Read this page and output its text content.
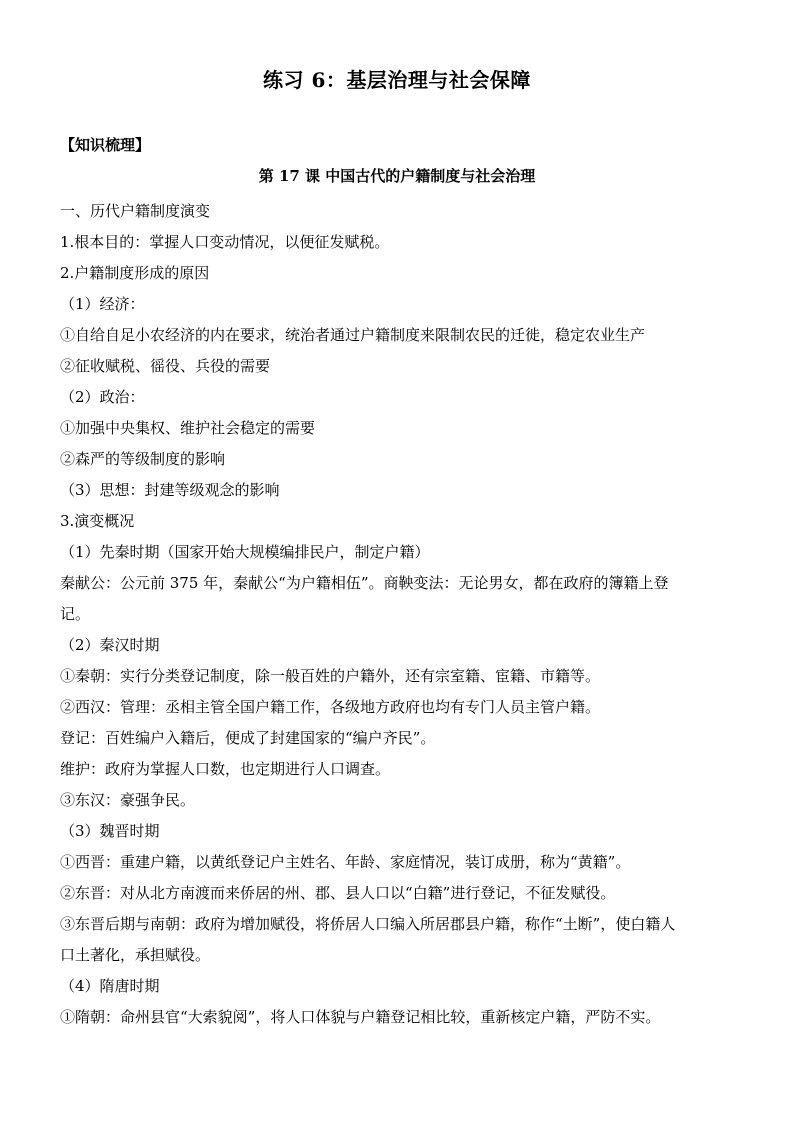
练习 6：基层治理与社会保障
【知识梳理】
第 17 课 中国古代的户籍制度与社会治理
一、历代户籍制度演变
1.根本目的：掌握人口变动情况，以便征发赋税。
2.户籍制度形成的原因
（1）经济：
①自给自足小农经济的内在要求，统治者通过户籍制度来限制农民的迁徙，稳定农业生产
②征收赋税、徭役、兵役的需要
（2）政治：
①加强中央集权、维护社会稳定的需要
②森严的等级制度的影响
（3）思想：封建等级观念的影响
3.演变概况
（1）先秦时期（国家开始大规模编排民户，制定户籍）
秦献公：公元前 375 年，秦献公“为户籍相伍”。商鞅变法：无论男女，都在政府的簿籍上登
记。
（2）秦汉时期
①秦朝：实行分类登记制度，除一般百姓的户籍外，还有宗室籍、宦籍、市籍等。
②西汉：管理：丞相主管全国户籍工作，各级地方政府也均有专门人员主管户籍。
登记：百姓编户入籍后，便成了封建国家的“编户齐民”。
维护：政府为掌握人口数，也定期进行人口调查。
③东汉：豪强争民。
（3）魏晋时期
①西晋：重建户籍，以黄纸登记户主姓名、年龄、家庭情况，装订成册，称为“黄籍”。
②东晋：对从北方南渡而来侨居的州、郡、县人口以“白籍”进行登记，不征发赋役。
③东晋后期与南朝：政府为增加赋役，将侨居人口编入所居郡县户籍，称作“土断”，使白籍人
口土著化，承担赋役。
（4）隋唐时期
①隋朝：命州县官“大索貌阅”，将人口体貌与户籍登记相比较，重新核定户籍，严防不实。
